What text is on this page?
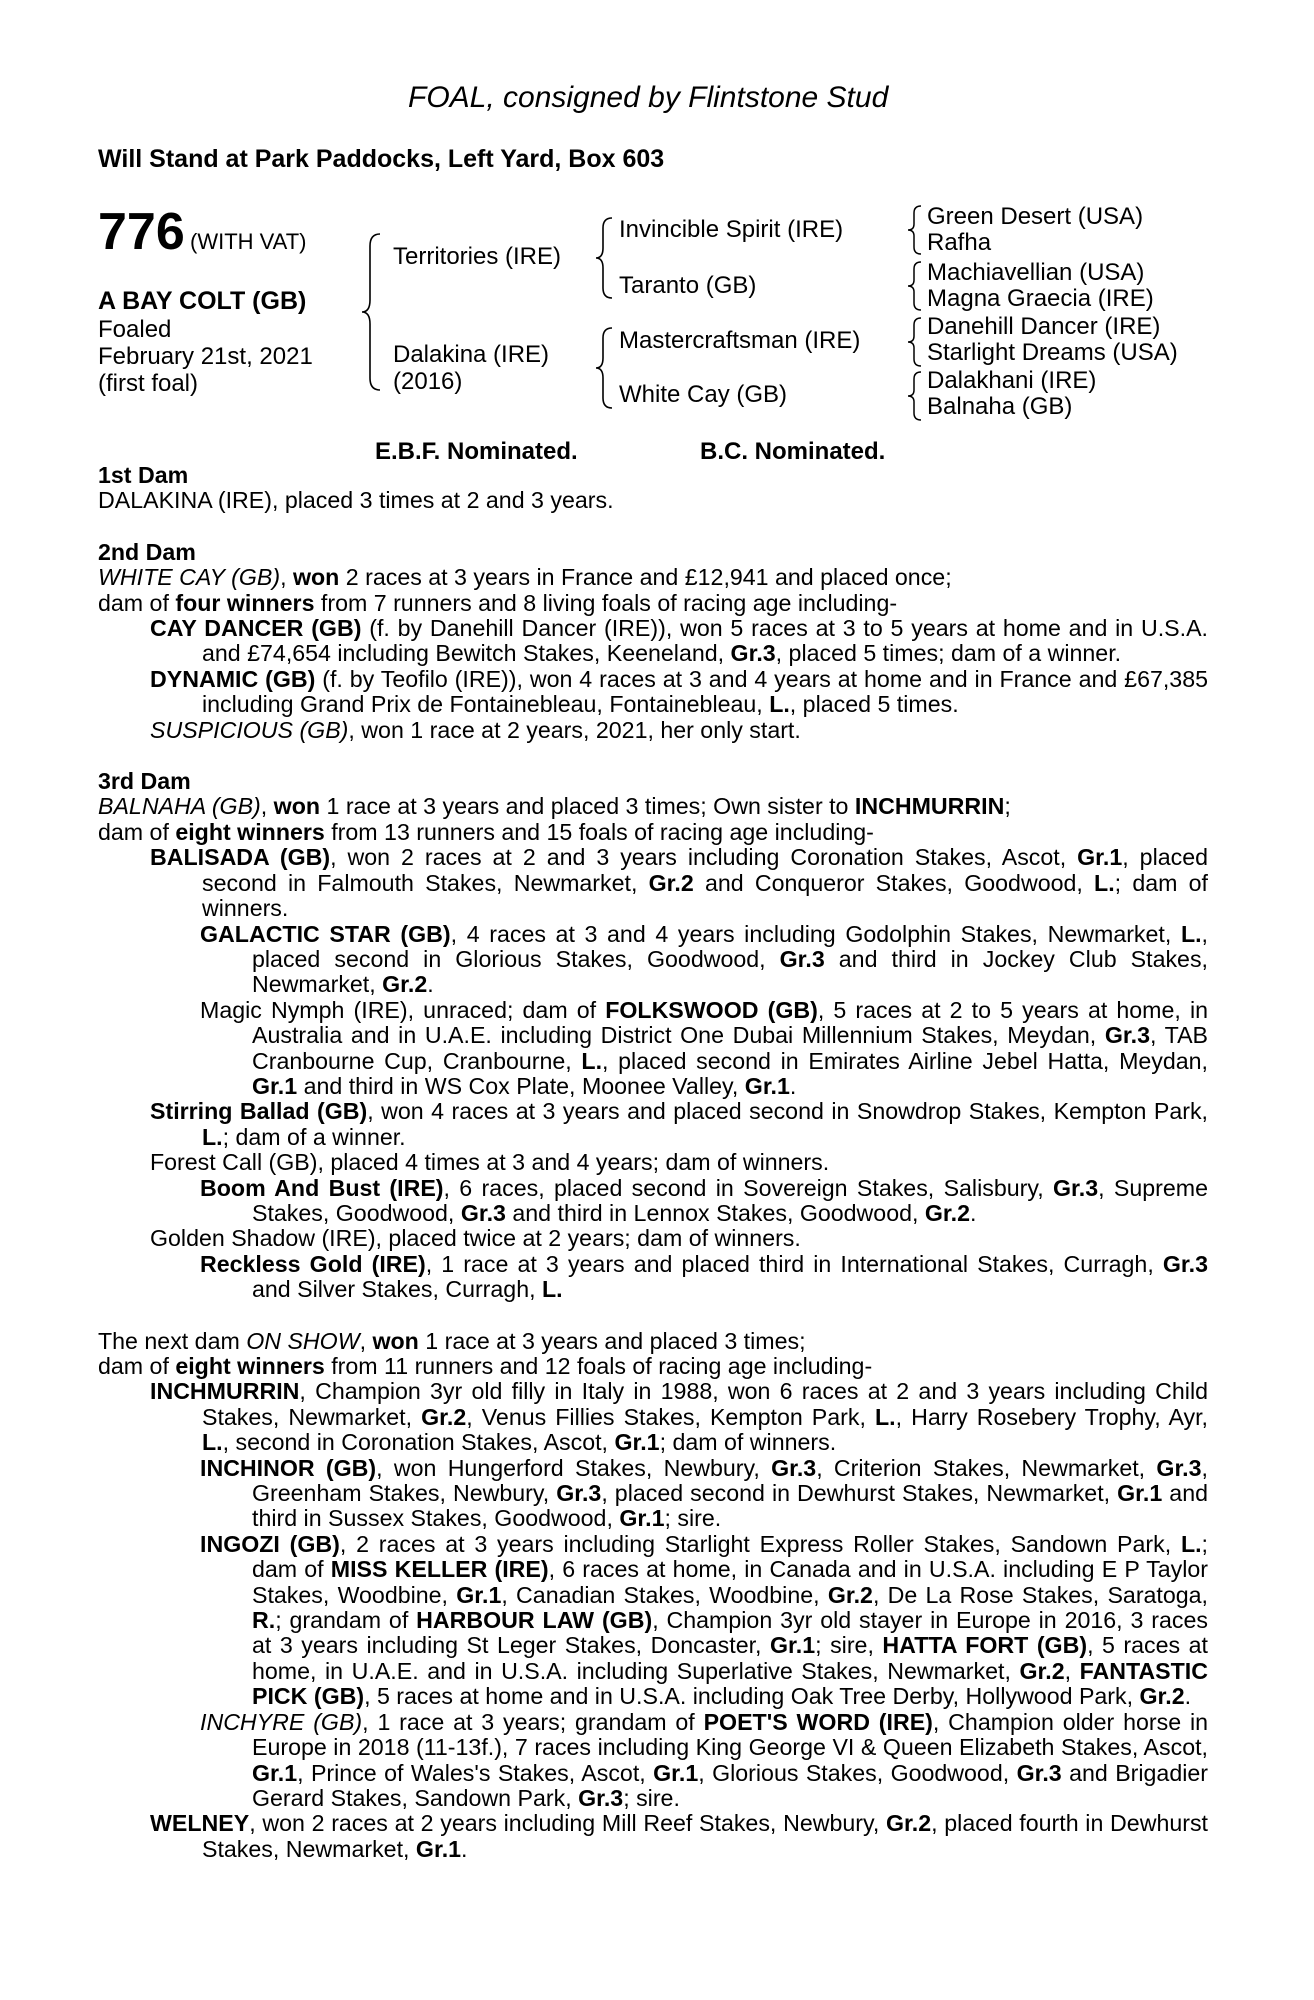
FOAL, consigned by Flintstone Stud
Will Stand at Park Paddocks, Left Yard, Box 603
776 (WITH VAT)
A BAY COLT (GB)
Foaled
February 21st, 2021
(first foal)
Territories (IRE)
Dalakina (IRE)
(2016)
Invincible Spirit (IRE)
Taranto (GB)
Mastercraftsman (IRE)
White Cay (GB)
Green Desert (USA)
Rafha
Machiavellian (USA)
Magna Graecia (IRE)
Danehill Dancer (IRE)
Starlight Dreams (USA)
Dalakhani (IRE)
Balnaha (GB)
E.B.F. Nominated.	B.C. Nominated.

1st Dam

DALAKINA (IRE), placed 3 times at 2 and 3 years.

2nd Dam

WHITE CAY (GB), won 2 races at 3 years in France and £12,941 and placed once;

dam of four winners from 7 runners and 8 living foals of racing age including-

CAY DANCER (GB) (f. by Danehill Dancer (IRE)), won 5 races at 3 to 5 years at home and in U.S.A. and £74,654 including Bewitch Stakes, Keeneland, Gr.3, placed 5 times; dam of a winner.

DYNAMIC (GB) (f. by Teofilo (IRE)), won 4 races at 3 and 4 years at home and in France and £67,385 including Grand Prix de Fontainebleau, Fontainebleau, L., placed 5 times.

SUSPICIOUS (GB), won 1 race at 2 years, 2021, her only start.

3rd Dam

BALNAHA (GB), won 1 race at 3 years and placed 3 times; Own sister to INCHMURRIN;

dam of eight winners from 13 runners and 15 foals of racing age including-

BALISADA (GB), won 2 races at 2 and 3 years including Coronation Stakes, Ascot, Gr.1, placed second in Falmouth Stakes, Newmarket, Gr.2 and Conqueror Stakes, Goodwood, L.; dam of winners.

GALACTIC STAR (GB), 4 races at 3 and 4 years including Godolphin Stakes, Newmarket, L., placed second in Glorious Stakes, Goodwood, Gr.3 and third in Jockey Club Stakes, Newmarket, Gr.2.

Magic Nymph (IRE), unraced; dam of FOLKSWOOD (GB), 5 races at 2 to 5 years at home, in Australia and in U.A.E. including District One Dubai Millennium Stakes, Meydan, Gr.3, TAB Cranbourne Cup, Cranbourne, L., placed second in Emirates Airline Jebel Hatta, Meydan, Gr.1 and third in WS Cox Plate, Moonee Valley, Gr.1.

Stirring Ballad (GB), won 4 races at 3 years and placed second in Snowdrop Stakes, Kempton Park, L.; dam of a winner.

Forest Call (GB), placed 4 times at 3 and 4 years; dam of winners.

Boom And Bust (IRE), 6 races, placed second in Sovereign Stakes, Salisbury, Gr.3, Supreme Stakes, Goodwood, Gr.3 and third in Lennox Stakes, Goodwood, Gr.2.

Golden Shadow (IRE), placed twice at 2 years; dam of winners.

Reckless Gold (IRE), 1 race at 3 years and placed third in International Stakes, Curragh, Gr.3 and Silver Stakes, Curragh, L.

The next dam ON SHOW, won 1 race at 3 years and placed 3 times;

dam of eight winners from 11 runners and 12 foals of racing age including-

INCHMURRIN, Champion 3yr old filly in Italy in 1988, won 6 races at 2 and 3 years including Child Stakes, Newmarket, Gr.2, Venus Fillies Stakes, Kempton Park, L., Harry Rosebery Trophy, Ayr, L., second in Coronation Stakes, Ascot, Gr.1; dam of winners.

INCHINOR (GB), won Hungerford Stakes, Newbury, Gr.3, Criterion Stakes, Newmarket, Gr.3, Greenham Stakes, Newbury, Gr.3, placed second in Dewhurst Stakes, Newmarket, Gr.1 and third in Sussex Stakes, Goodwood, Gr.1; sire.

INGOZI (GB), 2 races at 3 years including Starlight Express Roller Stakes, Sandown Park, L.; dam of MISS KELLER (IRE), 6 races at home, in Canada and in U.S.A. including E P Taylor Stakes, Woodbine, Gr.1, Canadian Stakes, Woodbine, Gr.2, De La Rose Stakes, Saratoga, R.; grandam of HARBOUR LAW (GB), Champion 3yr old stayer in Europe in 2016, 3 races at 3 years including St Leger Stakes, Doncaster, Gr.1; sire, HATTA FORT (GB), 5 races at home, in U.A.E. and in U.S.A. including Superlative Stakes, Newmarket, Gr.2, FANTASTIC PICK (GB), 5 races at home and in U.S.A. including Oak Tree Derby, Hollywood Park, Gr.2.

INCHYRE (GB), 1 race at 3 years; grandam of POET'S WORD (IRE), Champion older horse in Europe in 2018 (11-13f.), 7 races including King George VI & Queen Elizabeth Stakes, Ascot, Gr.1, Prince of Wales's Stakes, Ascot, Gr.1, Glorious Stakes, Goodwood, Gr.3 and Brigadier Gerard Stakes, Sandown Park, Gr.3; sire.

WELNEY, won 2 races at 2 years including Mill Reef Stakes, Newbury, Gr.2, placed fourth in Dewhurst Stakes, Newmarket, Gr.1.
